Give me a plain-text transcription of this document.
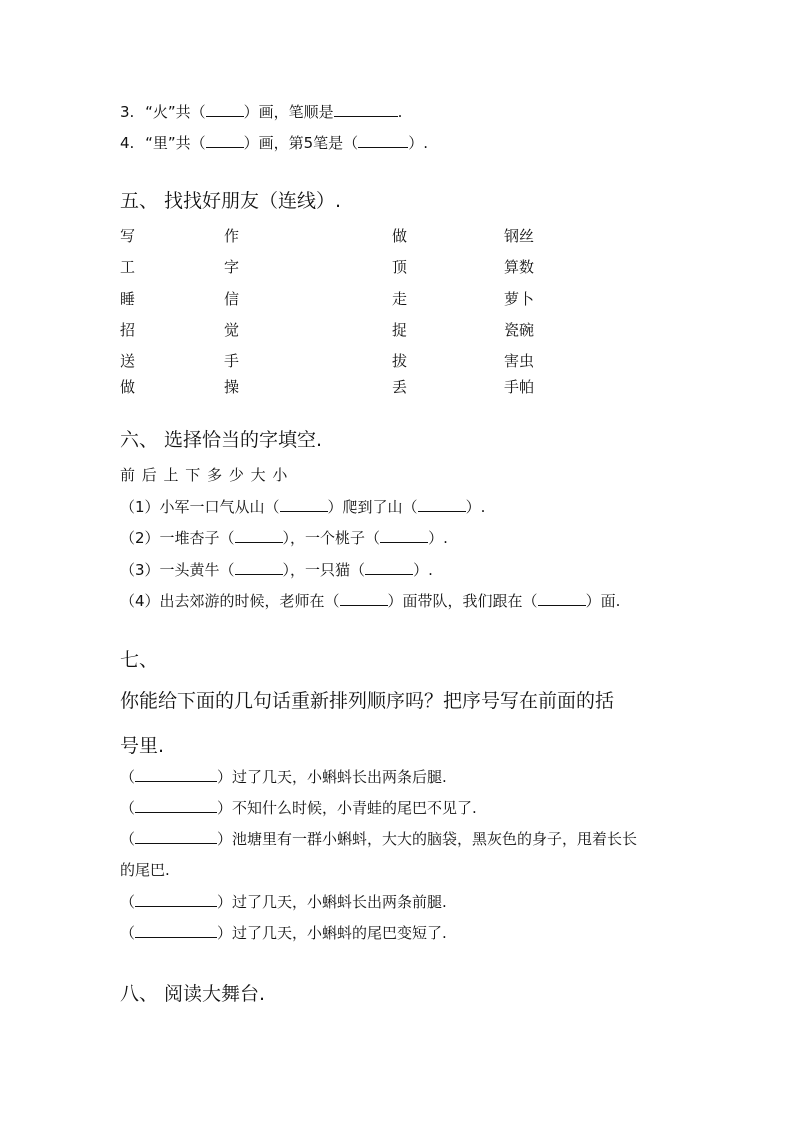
3. “火”共（	）画，笔顺是	.
4. “里”共（	）画，第5笔是（	）.
五、 找找好朋友（连线）.
写	作	做	钢丝
工	字	顶	算数
睡	信	走	萝卜
招	觉	捉	瓷碗
送	手	拔	害虫
做	操	丢	手帕
六、 选择恰当的字填空.
前 后 上 下 多 少 大 小
（1）小军一口气从山（	）爬到了山（	）.
（2）一堆杏子（	），一个桃子（	）.
（3）一头黄牛（	），一只猫（	）.
（4）出去郊游的时候，老师在（	）面带队，我们跟在（	）面.
七、
你能给下面的几句话重新排列顺序吗？把序号写在前面的括
号里.
（	）过了几天，小蝌蚪长出两条后腿.
（	）不知什么时候，小青蛙的尾巴不见了.
（	）池塘里有一群小蝌蚪，大大的脑袋，黑灰色的身子，甩着长长
的尾巴.
（	）过了几天，小蝌蚪长出两条前腿.
（	）过了几天，小蝌蚪的尾巴变短了.
八、 阅读大舞台.
